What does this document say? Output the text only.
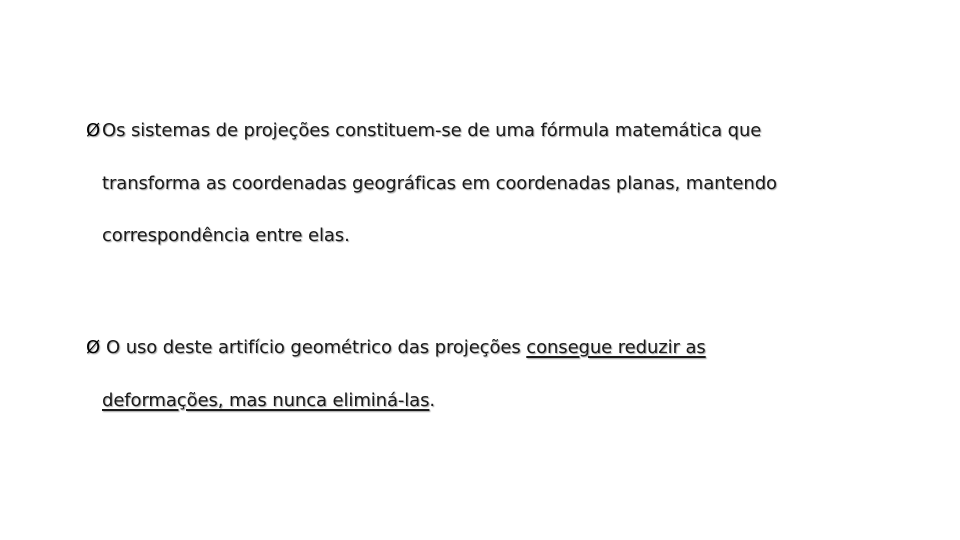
Ø Os sistemas de projeções constituem-se de uma fórmula matemática que
transforma as coordenadas geográficas em coordenadas planas, mantendo
correspondência entre elas.
Ø O uso deste artifício geométrico das projeções consegue reduzir as
deformações, mas nunca eliminá-las.
